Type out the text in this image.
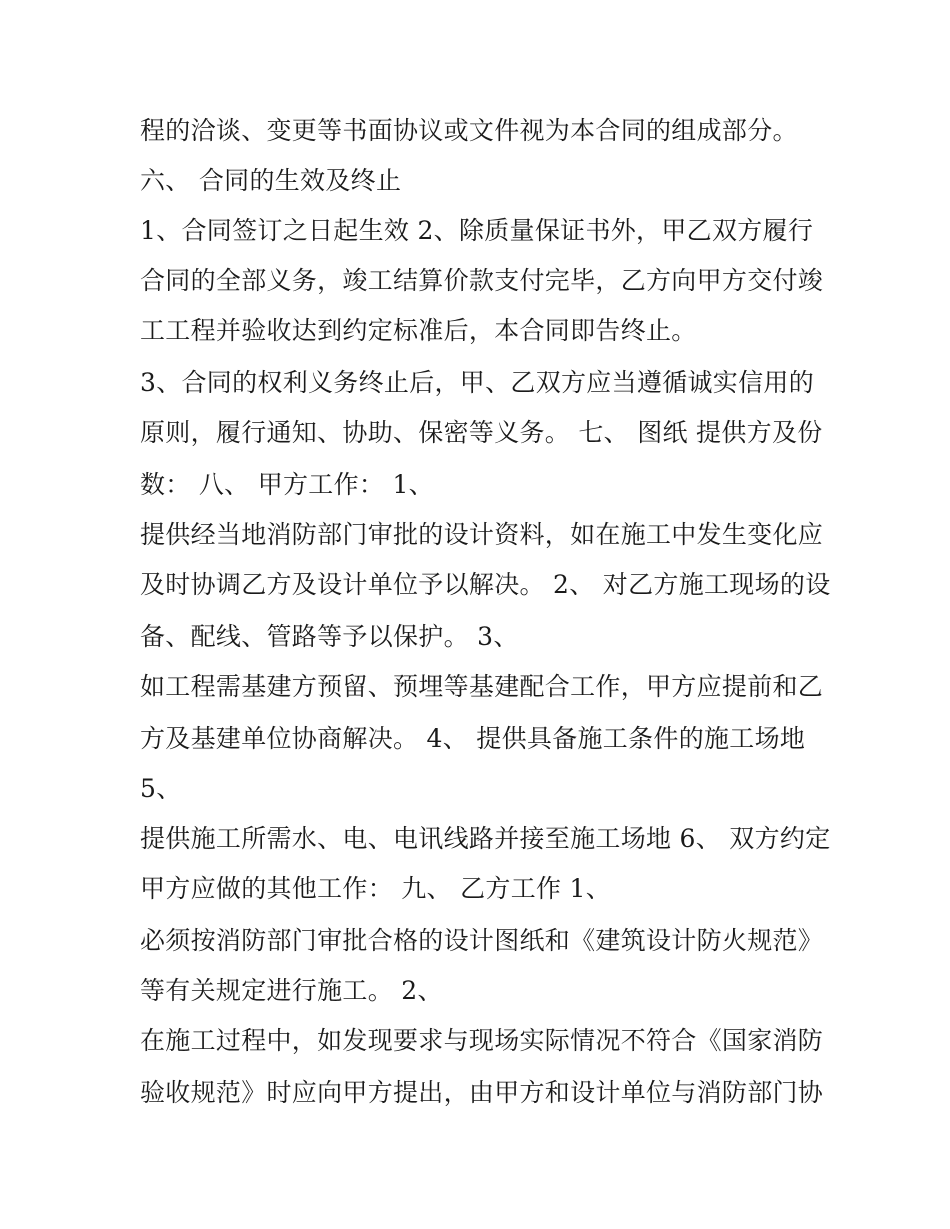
程的洽谈、变更等书面协议或文件视为本合同的组成部分。
六、 合同的生效及终止
1、合同签订之日起生效 2、除质量保证书外，甲乙双方履行
合同的全部义务，竣工结算价款支付完毕，乙方向甲方交付竣
工工程并验收达到约定标准后，本合同即告终止。
3、合同的权利义务终止后，甲、乙双方应当遵循诚实信用的
原则，履行通知、协助、保密等义务。 七、 图纸 提供方及份
数： 八、 甲方工作： 1、
提供经当地消防部门审批的设计资料，如在施工中发生变化应
及时协调乙方及设计单位予以解决。 2、 对乙方施工现场的设
备、配线、管路等予以保护。 3、
如工程需基建方预留、预埋等基建配合工作，甲方应提前和乙
方及基建单位协商解决。 4、 提供具备施工条件的施工场地
5、
提供施工所需水、电、电讯线路并接至施工场地 6、 双方约定
甲方应做的其他工作： 九、 乙方工作 1、
必须按消防部门审批合格的设计图纸和《建筑设计防火规范》
等有关规定进行施工。 2、
在施工过程中，如发现要求与现场实际情况不符合《国家消防
验收规范》时应向甲方提出，由甲方和设计单位与消防部门协
